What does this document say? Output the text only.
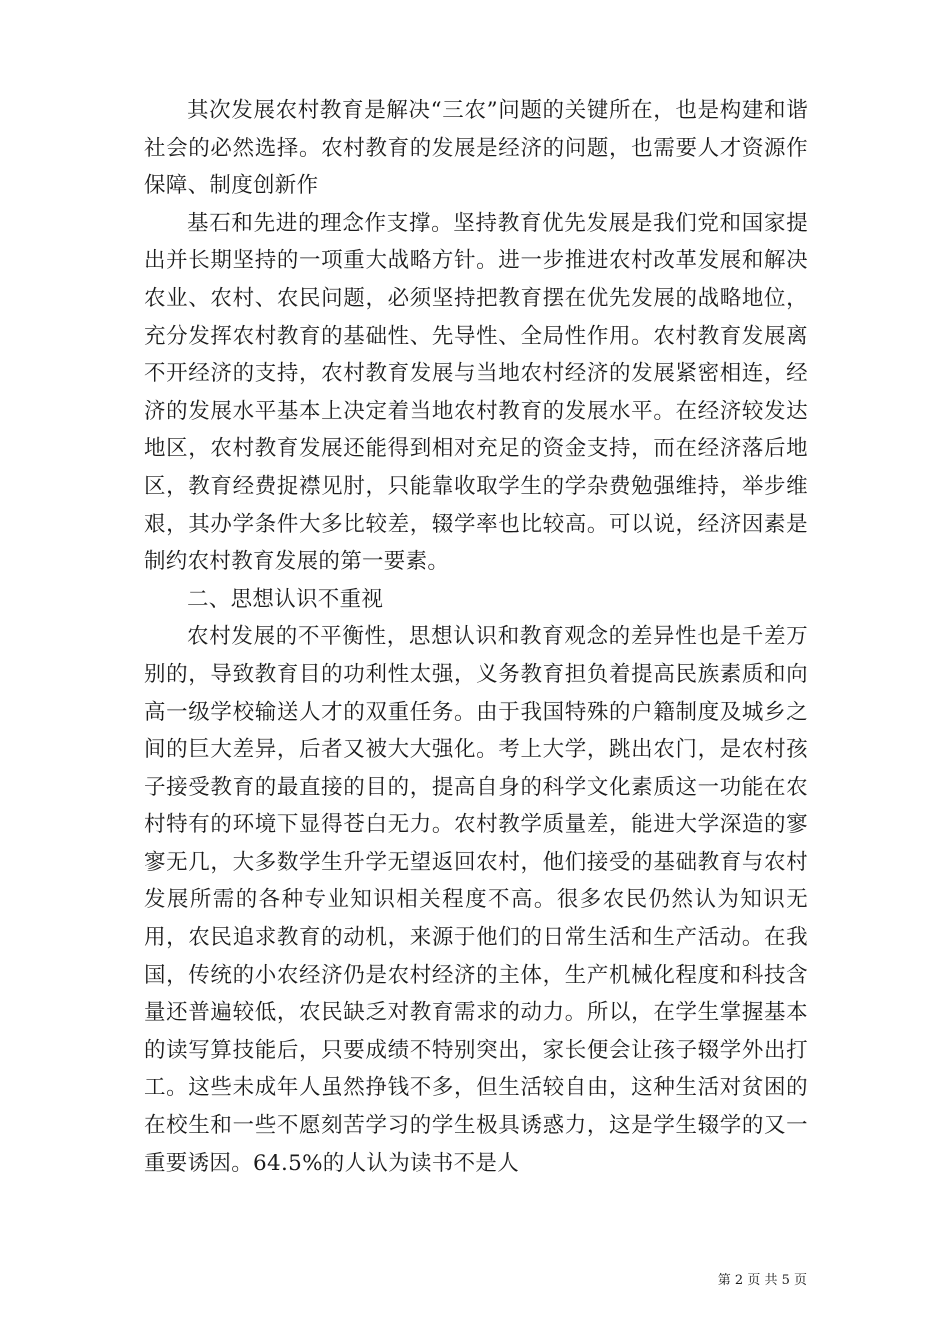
其次发展农村教育是解决“三农”问题的关键所在，也是构建和谐社会的必然选择。农村教育的发展是经济的问题，也需要人才资源作保障、制度创新作

基石和先进的理念作支撑。坚持教育优先发展是我们党和国家提出并长期坚持的一项重大战略方针。进一步推进农村改革发展和解决农业、农村、农民问题，必须坚持把教育摆在优先发展的战略地位，充分发挥农村教育的基础性、先导性、全局性作用。农村教育发展离不开经济的支持，农村教育发展与当地农村经济的发展紧密相连，经济的发展水平基本上决定着当地农村教育的发展水平。在经济较发达地区，农村教育发展还能得到相对充足的资金支持，而在经济落后地区，教育经费捉襟见肘，只能靠收取学生的学杂费勉强维持，举步维艰，其办学条件大多比较差，辍学率也比较高。可以说，经济因素是制约农村教育发展的第一要素。

二、思想认识不重视

农村发展的不平衡性，思想认识和教育观念的差异性也是千差万别的，导致教育目的功利性太强，义务教育担负着提高民族素质和向高一级学校输送人才的双重任务。由于我国特殊的户籍制度及城乡之间的巨大差异，后者又被大大强化。考上大学，跳出农门，是农村孩子接受教育的最直接的目的，提高自身的科学文化素质这一功能在农村特有的环境下显得苍白无力。农村教学质量差，能进大学深造的寥寥无几，大多数学生升学无望返回农村，他们接受的基础教育与农村发展所需的各种专业知识相关程度不高。很多农民仍然认为知识无用，农民追求教育的动机，来源于他们的日常生活和生产活动。在我国，传统的小农经济仍是农村经济的主体，生产机械化程度和科技含量还普遍较低，农民缺乏对教育需求的动力。所以，在学生掌握基本的读写算技能后，只要成绩不特别突出，家长便会让孩子辍学外出打工。这些未成年人虽然挣钱不多，但生活较自由，这种生活对贫困的在校生和一些不愿刻苦学习的学生极具诱惑力，这是学生辍学的又一重要诱因。64.5%的人认为读书不是人

第 2 页 共 5 页
